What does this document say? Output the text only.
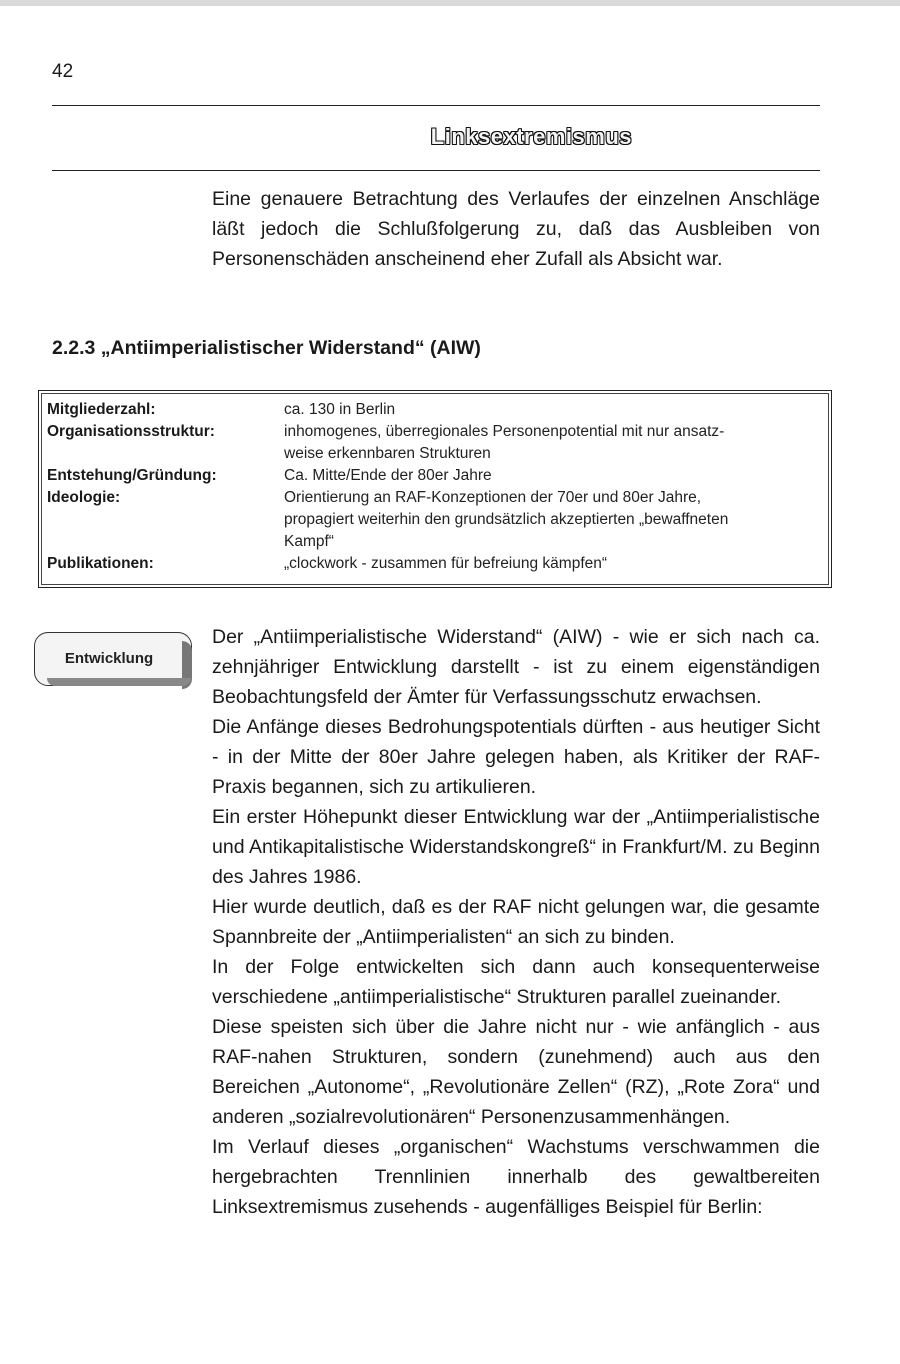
42
Linksextremismus

Eine genauere Betrachtung des Verlaufes der einzelnen Anschläge läßt jedoch die Schlußfolgerung zu, daß das Ausbleiben von Personenschäden anscheinend eher Zufall als Absicht war.

2.2.3 „Antiimperialistischer Widerstand“ (AIW)
Mitgliederzahl:	ca. 130 in Berlin
Organisationsstruktur:	inhomogenes, überregionales Personenpotential mit nur ansatz-
weise erkennbaren Strukturen
Entstehung/Gründung:	Ca. Mitte/Ende der 80er Jahre
Ideologie:	Orientierung an RAF-Konzeptionen der 70er und 80er Jahre,
propagiert weiterhin den grundsätzlich akzeptierten „bewaffneten
Kampf“
Publikationen:	„clockwork - zusammen für befreiung kämpfen“
Entwicklung

Der „Antiimperialistische Widerstand“ (AIW) - wie er sich nach ca. zehnjähriger Entwicklung darstellt - ist zu einem eigenständigen Beobachtungsfeld der Ämter für Verfassungsschutz erwachsen.

Die Anfänge dieses Bedrohungspotentials dürften - aus heutiger Sicht - in der Mitte der 80er Jahre gelegen haben, als Kritiker der RAF-Praxis begannen, sich zu artikulieren.

Ein erster Höhepunkt dieser Entwicklung war der „Antiimperialistische und Antikapitalistische Widerstandskongreß“ in Frankfurt/M. zu Beginn des Jahres 1986.

Hier wurde deutlich, daß es der RAF nicht gelungen war, die gesamte Spannbreite der „Antiimperialisten“ an sich zu binden.

In der Folge entwickelten sich dann auch konsequenterweise verschiedene „antiimperialistische“ Strukturen parallel zueinander.

Diese speisten sich über die Jahre nicht nur - wie anfänglich - aus RAF-nahen Strukturen, sondern (zunehmend) auch aus den Bereichen „Autonome“, „Revolutionäre Zellen“ (RZ), „Rote Zora“ und anderen „sozialrevolutionären“ Personenzusammenhängen.

Im Verlauf dieses „organischen“ Wachstums verschwammen die hergebrachten Trennlinien innerhalb des gewaltbereiten Linksextremismus zusehends - augenfälliges Beispiel für Berlin:
